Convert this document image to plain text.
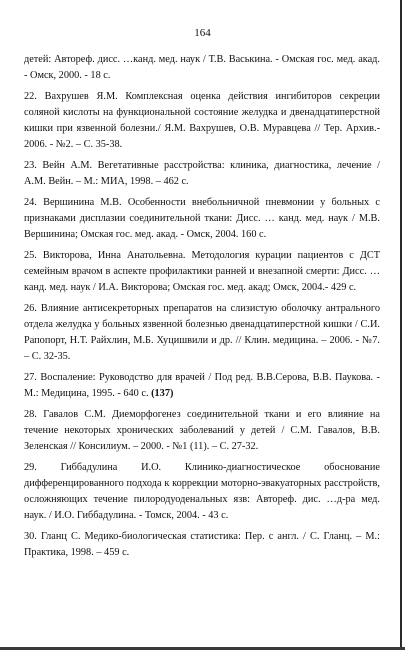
164

детей: Автореф. дисс. …канд. мед. наук / Т.В. Васькина. - Омская гос. мед. акад. - Омск, 2000. - 18 с.

22. Вахрушев Я.М. Комплексная оценка действия ингибиторов секреции соляной кислоты на функциональной состояние желудка и двенадцатиперстной кишки при язвенной болезни./ Я.М. Вахрушев, О.В. Муравцева // Тер. Архив.- 2006. - №2. – С. 35-38.

23. Вейн А.М. Вегетативные расстройства: клиника, диагностика, лечение / А.М. Вейн. – М.: МИА, 1998. – 462 с.

24. Вершинина М.В. Особенности внебольничной пневмонии у больных с признаками дисплазии соединительной ткани: Дисс. … канд. мед. наук / М.В. Вершинина; Омская гос. мед. акад. - Омск, 2004. 160 с.

25. Викторова, Инна Анатольевна. Методология курации пациентов с ДСТ семейным врачом в аспекте профилактики ранней и внезапной смерти: Дисс. … канд. мед. наук / И.А. Викторова; Омская гос. мед. акад; Омск, 2004.- 429 с.

26. Влияние антисекреторных препаратов на слизистую оболочку антрального отдела желудка у больных язвенной болезнью двенадцатиперстной кишки / С.И. Рапопорт, Н.Т. Райхлин, М.Б. Хуцишвили и др. // Клин. медицина. – 2006. - №7. – С. 32-35.

27. Воспаление: Руководство для врачей / Под ред. В.В.Серова, В.В. Паукова. - М.: Медицина, 1995. - 640 с. (137)

28. Гавалов С.М. Диеморфогенез соединительной ткани и его влияние на течение некоторых хронических заболеваний у детей / С.М. Гавалов, В.В. Зеленская // Консилиум. – 2000. - №1 (11). – С. 27-32.

29. Гиббадулина И.О. Клинико-диагностическое обоснование дифференцированного подхода к коррекции моторно-эвакуаторных расстройств, осложняющих течение пилородуоденальных язв: Автореф. дис. …д-ра мед. наук. / И.О. Гиббадулина. - Томск, 2004. - 43 с.

30. Гланц С. Медико-биологическая статистика: Пер. с англ. / С. Гланц. – М.: Практика, 1998. – 459 с.
